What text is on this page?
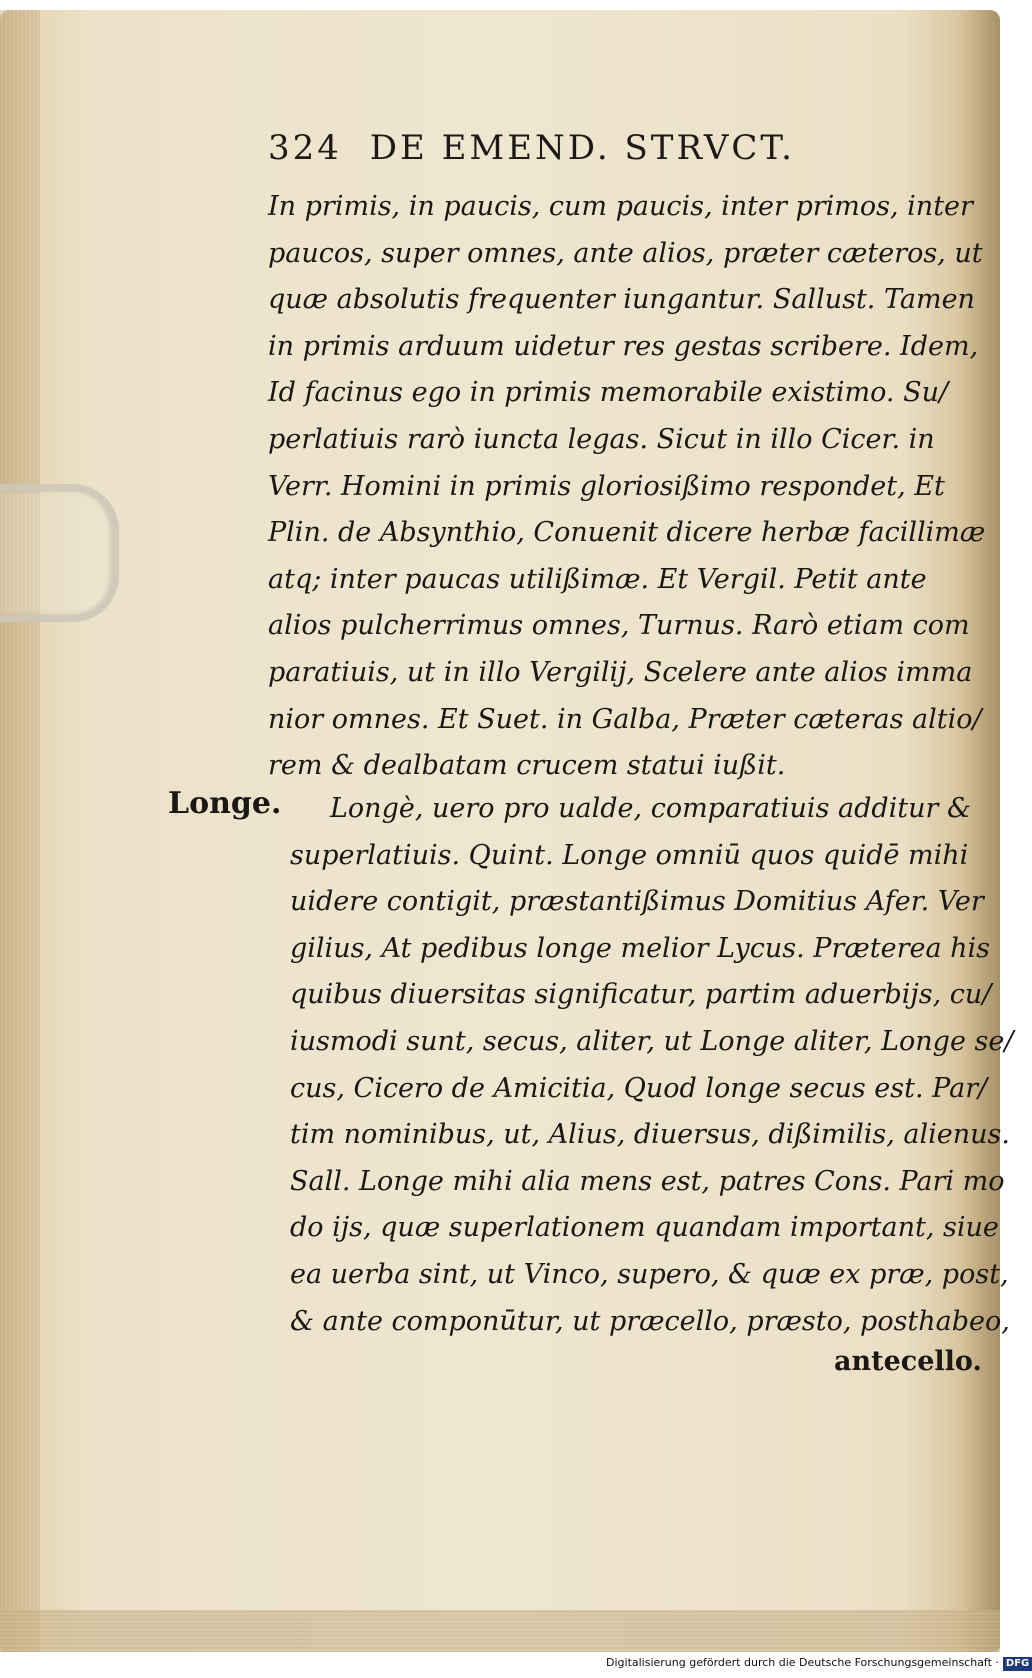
324 DE EMEND. STRVCT.
In primis, in paucis, cum paucis, inter primos, inter
paucos, super omnes, ante alios, præter cæteros, ut
quæ absolutis frequenter iungantur. Sallust. Tamen
in primis arduum uidetur res gestas scribere. Idem,
Id facinus ego in primis memorabile existimo. Su/
perlatiuis rarò iuncta legas. Sicut in illo Cicer. in
Verr. Homini in primis gloriosißimo respondet, Et
Plin. de Absynthio, Conuenit dicere herbæ facillimæ
atq; inter paucas utilißimæ. Et Vergil. Petit ante
alios pulcherrimus omnes, Turnus. Rarò etiam com
paratiuis, ut in illo Vergilij, Scelere ante alios imma
nior omnes. Et Suet. in Galba, Præter cæteras altio/
rem & dealbatam crucem statui iußit.
Longe.	Longè, uero pro ualde, comparatiuis additur &
superlatiuis. Quint. Longe omniū quos quidē mihi
uidere contigit, præstantißimus Domitius Afer. Ver
gilius, At pedibus longe melior Lycus. Præterea his
quibus diuersitas significatur, partim aduerbijs, cu/
iusmodi sunt, secus, aliter, ut Longe aliter, Longe se/
cus, Cicero de Amicitia, Quod longe secus est. Par/
tim nominibus, ut, Alius, diuersus, dißimilis, alienus.
Sall. Longe mihi alia mens est, patres Cons. Pari mo
do ijs, quæ superlationem quandam important, siue
ea uerba sint, ut Vinco, supero, & quæ ex præ, post,
& ante componūtur, ut præcello, præsto, posthabeo,
antecello.
Digitalisierung gefördert durch die Deutsche Forschungsgemeinschaft · DFG
